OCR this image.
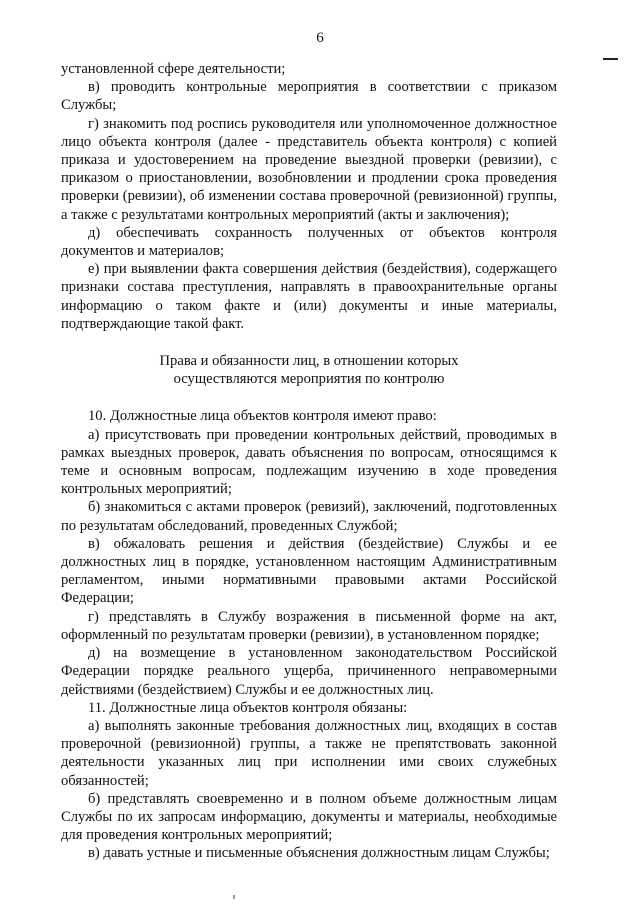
6

установленной сфере деятельности;

в) проводить контрольные мероприятия в соответствии с приказом Службы;

г) знакомить под роспись руководителя или уполномоченное должностное лицо объекта контроля (далее - представитель объекта контроля) с копией приказа и удостоверением на проведение выездной проверки (ревизии), с приказом о приостановлении, возобновлении и продлении срока проведения проверки (ревизии), об изменении состава проверочной (ревизионной) группы, а также с результатами контрольных мероприятий (акты и заключения);

д) обеспечивать сохранность полученных от объектов контроля документов и материалов;

е) при выявлении факта совершения действия (бездействия), содержащего признаки состава преступления, направлять в правоохранительные органы информацию о таком факте и (или) документы и иные материалы, подтверждающие такой факт.

Права и обязанности лиц, в отношении которых
осуществляются мероприятия по контролю

10. Должностные лица объектов контроля имеют право:

а) присутствовать при проведении контрольных действий, проводимых в рамках выездных проверок, давать объяснения по вопросам, относящимся к теме и основным вопросам, подлежащим изучению в ходе проведения контрольных мероприятий;

б) знакомиться с актами проверок (ревизий), заключений, подготовленных по результатам обследований, проведенных Службой;

в) обжаловать решения и действия (бездействие) Службы и ее должностных лиц в порядке, установленном настоящим Административным регламентом, иными нормативными правовыми актами Российской Федерации;

г) представлять в Службу возражения в письменной форме на акт, оформленный по результатам проверки (ревизии), в установленном порядке;

д) на возмещение в установленном законодательством Российской Федерации порядке реального ущерба, причиненного неправомерными действиями (бездействием) Службы и ее должностных лиц.

11. Должностные лица объектов контроля обязаны:

а) выполнять законные требования должностных лиц, входящих в состав проверочной (ревизионной) группы, а также не препятствовать законной деятельности указанных лиц при исполнении ими своих служебных обязанностей;

б) представлять своевременно и в полном объеме должностным лицам Службы по их запросам информацию, документы и материалы, необходимые для проведения контрольных мероприятий;

в) давать устные и письменные объяснения должностным лицам Службы;
